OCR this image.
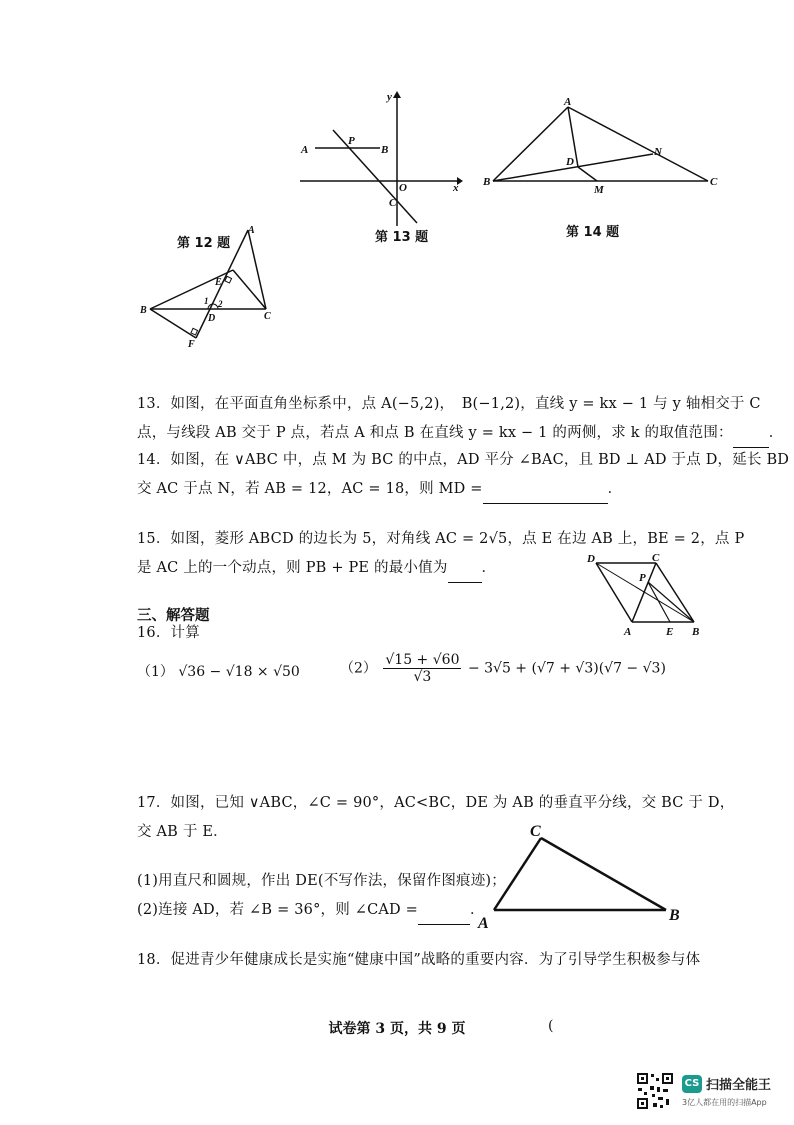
y
A
P
B
O	x
C
第 13 题
A
N
D
B
M
C
第 14 题
第 12 题
A
E
1 2
B
D	C
F
13．如图，在平面直角坐标系中，点 A(−5,2)，　B(−1,2)，直线 y = kx − 1 与 y 轴相交于 C
点，与线段 AB 交于 P 点，若点 A 和点 B 在直线 y = kx − 1 的两侧，求 k 的取值范围： ．
14．如图，在 ∨ABC 中，点 M 为 BC 的中点，AD 平分 ∠BAC，且 BD ⊥ AD 于点 D，延长 BD
交 AC 于点 N，若 AB = 12，AC = 18，则 MD =	．
15．如图，菱形 ABCD 的边长为 5，对角线 AC = 2√5，点 E 在边 AB 上，BE = 2，点 P
是 AC 上的一个动点，则 PB + PE 的最小值为 ．
D	C
P
A	E B
三、解答题
16．计算
（1） √36 − √18 × √50	$(2) \frac{√15 + √60}{√3} - 3√5 + (√7 + √3)(√7 - √3)$
17．如图，已知 ∨ABC，∠C = 90°，AC<BC，DE 为 AB 的垂直平分线，交 BC 于 D，
交 AB 于 E．
(1)用直尺和圆规，作出 DE(不写作法，保留作图痕迹)；
(2)连接 AD，若 ∠B = 36°，则 ∠CAD =	．
C
A	B
18．促进青少年健康成长是实施“健康中国”战略的重要内容．为了引导学生积极参与体
试卷第 3 页，共 9 页	(
CS 扫描全能王
3亿人都在用的扫描App
